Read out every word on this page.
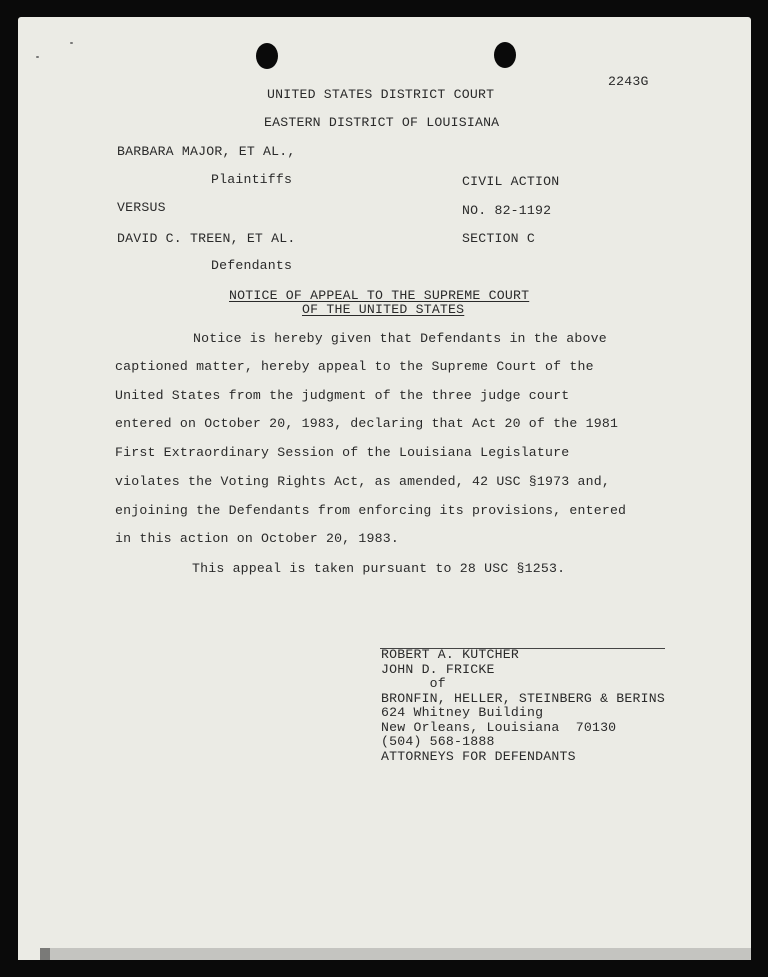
2243G
UNITED STATES DISTRICT COURT
EASTERN DISTRICT OF LOUISIANA
BARBARA MAJOR, ET AL.,
Plaintiffs
VERSUS
DAVID C. TREEN, ET AL.
Defendants
CIVIL ACTION
NO. 82-1192
SECTION C
NOTICE OF APPEAL TO THE SUPREME COURT
OF THE UNITED STATES
Notice is hereby given that Defendants in the above
captioned matter, hereby appeal to the Supreme Court of the
United States from the judgment of the three judge court
entered on October 20, 1983, declaring that Act 20 of the 1981
First Extraordinary Session of the Louisiana Legislature
violates the Voting Rights Act, as amended, 42 USC §1973 and,
enjoining the Defendants from enforcing its provisions, entered
in this action on October 20, 1983.
This appeal is taken pursuant to 28 USC §1253.
ROBERT A. KUTCHER
JOHN D. FRICKE
of
BRONFIN, HELLER, STEINBERG & BERINS
624 Whitney Building
New Orleans, Louisiana  70130
(504) 568-1888
ATTORNEYS FOR DEFENDANTS
